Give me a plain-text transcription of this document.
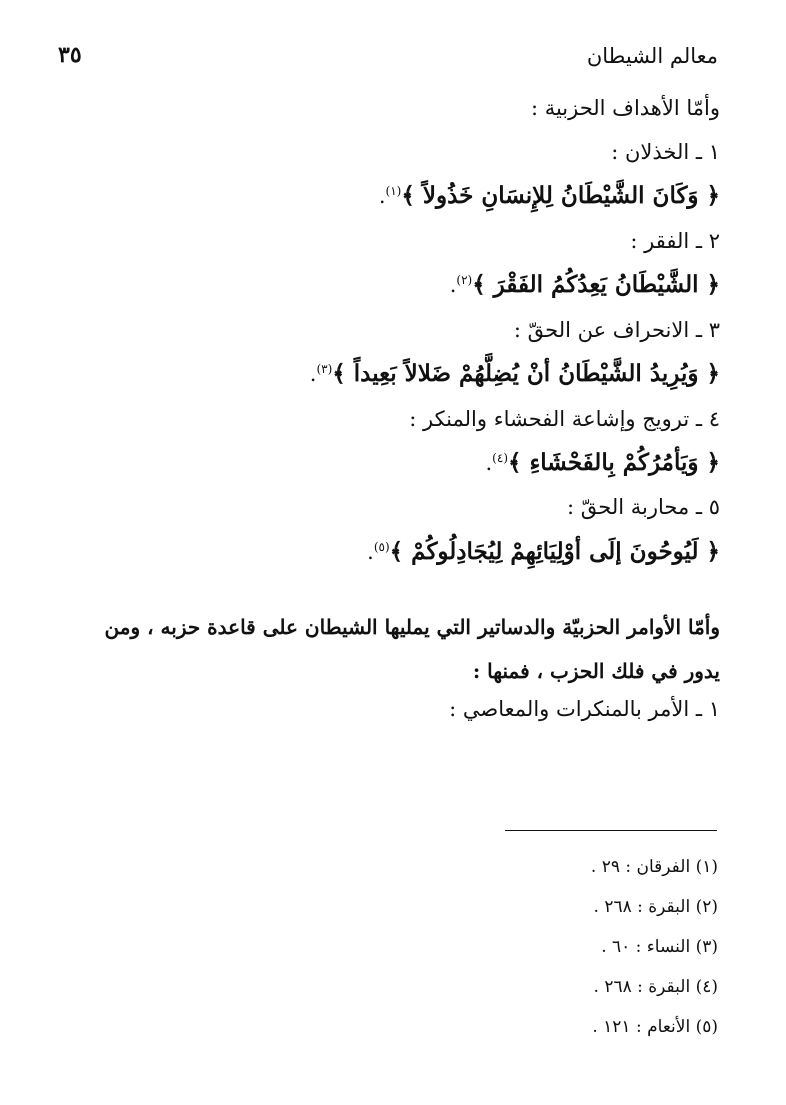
معالم الشيطان
٣٥
وأمّا الأهداف الحزبية :
١ ـ الخذلان :
﴿ وَكَانَ الشَّيْطَانُ لِلإِنسَانِ خَذُولاً ﴾$^{(١)}$.
٢ ـ الفقر :
﴿ الشَّيْطَانُ يَعِدُكُمُ الفَقْرَ ﴾$^{(٢)}$.
٣ ـ الانحراف عن الحقّ :
﴿ وَيُرِيدُ الشَّيْطَانُ أنْ يُضِلَّهُمْ ضَلالاً بَعِيداً ﴾$^{(٣)}$.
٤ ـ ترويج وإشاعة الفحشاء والمنكر :
﴿ وَيَأمُرُكُمْ بِالفَحْشَاءِ ﴾$^{(٤)}$.
٥ ـ محاربة الحقّ :
﴿ لَيُوحُونَ إلَى أوْلِيَائِهِمْ لِيُجَادِلُوكُمْ ﴾$^{(٥)}$.
وأمّا الأوامر الحزبيّة والدساتير التي يمليها الشيطان على قاعدة حزبه ، ومن
يدور في فلك الحزب ، فمنها :
١ ـ الأمر بالمنكرات والمعاصي :
(١) الفرقان : ٢٩ .
(٢) البقرة : ٢٦٨ .
(٣) النساء : ٦٠ .
(٤) البقرة : ٢٦٨ .
(٥) الأنعام : ١٢١ .
